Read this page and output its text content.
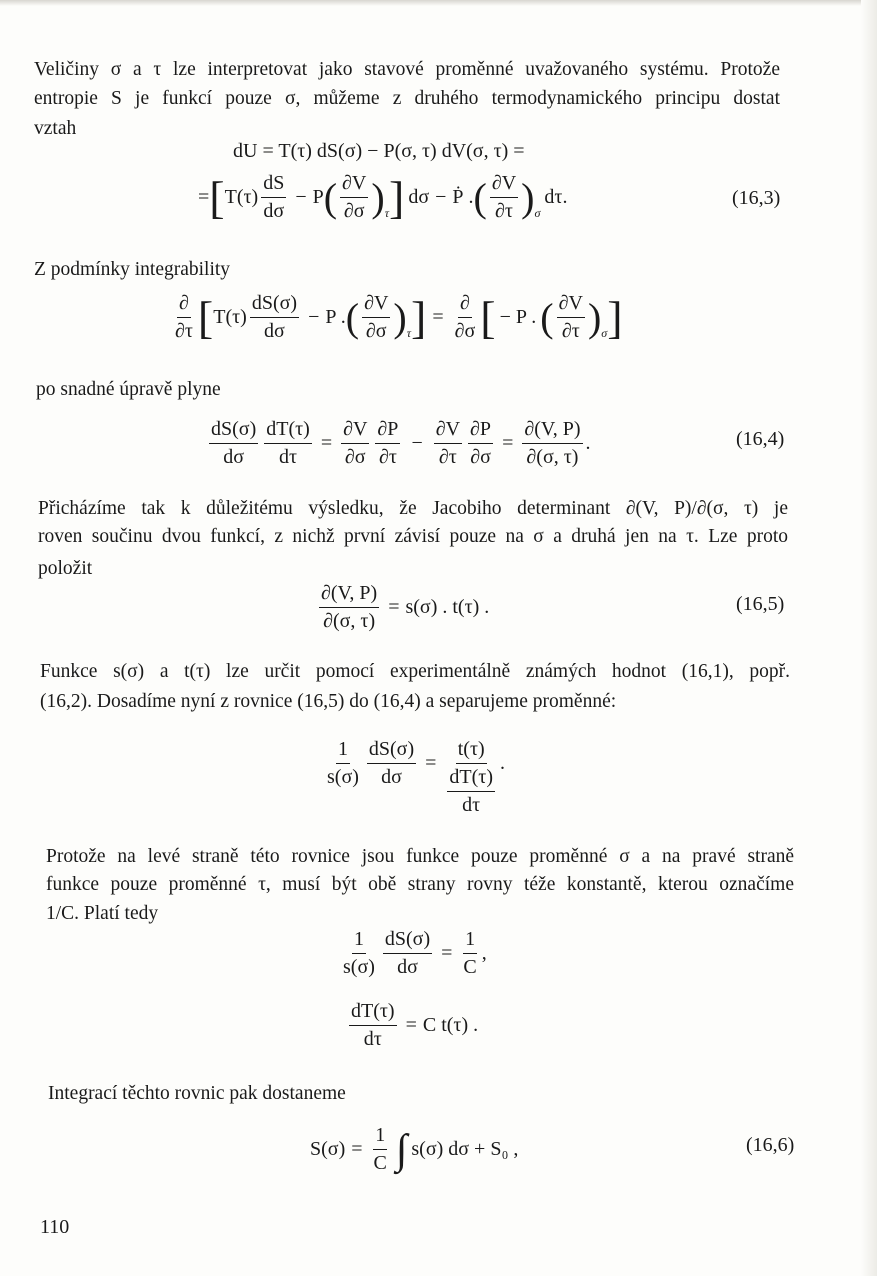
Veličiny σ a τ lze interpretovat jako stavové proměnné uvažovaného systému. Protože
entropie S je funkcí pouze σ, můžeme z druhého termodynamického principu dostat
vztah
dU = T(τ) dS(σ) − P(σ, τ) dV(σ, τ) =
= [ $T(\tau) \frac{dS}{d\sigma} - P$ ( $\frac{\partial V}{\partial\sigma}$ ) τ ] dσ − Ṗ . ( $\frac{\partial V}{\partial\tau}$ ) σ
dτ .	(16,3)
Z podmínky integrability
$\frac{\partial}{\partial\tau}$ [ $T(\tau) \frac{dS(\sigma)}{d\sigma} - P$ . ( $\frac{\partial V}{\partial\sigma}$ ) τ ] = $\frac{\partial}{\partial\sigma}$ [ − P . ( $\frac{\partial V}{\partial\tau}$ ) σ ]
po snadné úpravě plyne
$\frac{dS(\sigma)}{d\sigma} \frac{dT(\tau)}{d\tau} = \frac{\partial V}{\partial\sigma} \frac{\partial P}{\partial\tau} - \frac{\partial V}{\partial\tau} \frac{\partial P}{\partial\sigma} = \frac{\partial(V, P)}{\partial(\sigma, \tau)}$ .	(16,4)
Přicházíme tak k důležitému výsledku, že Jacobiho determinant ∂(V, P)/∂(σ, τ) je
roven součinu dvou funkcí, z nichž první závisí pouze na σ a druhá jen na τ. Lze proto
položit
$\frac{\partial(V, P)}{\partial(\sigma, \tau)} = s(\sigma)$ . t(τ) .	(16,5)
Funkce s(σ) a t(τ) lze určit pomocí experimentálně známých hodnot (16,1), popř.
(16,2). Dosadíme nyní z rovnice (16,5) do (16,4) a separujeme proměnné:
$\frac{1}{s(\sigma)} \frac{dS(\sigma)}{d\sigma} = \frac{t(\tau)}{\frac{dT(\tau)}{d\tau}}$ .
Protože na levé straně této rovnice jsou funkce pouze proměnné σ a na pravé straně
funkce pouze proměnné τ, musí být obě strany rovny téže konstantě, kterou označíme
1/C. Platí tedy
$\frac{1}{s(\sigma)} \frac{dS(\sigma)}{d\sigma} = \frac{1}{C}$ ,
$\frac{dT(\tau)}{d\tau} = C$ t(τ) .
Integrací těchto rovnic pak dostaneme
$S(\sigma) = \frac{1}{C}$ ∫ s(σ) dσ + S₀ ,	(16,6)
110
